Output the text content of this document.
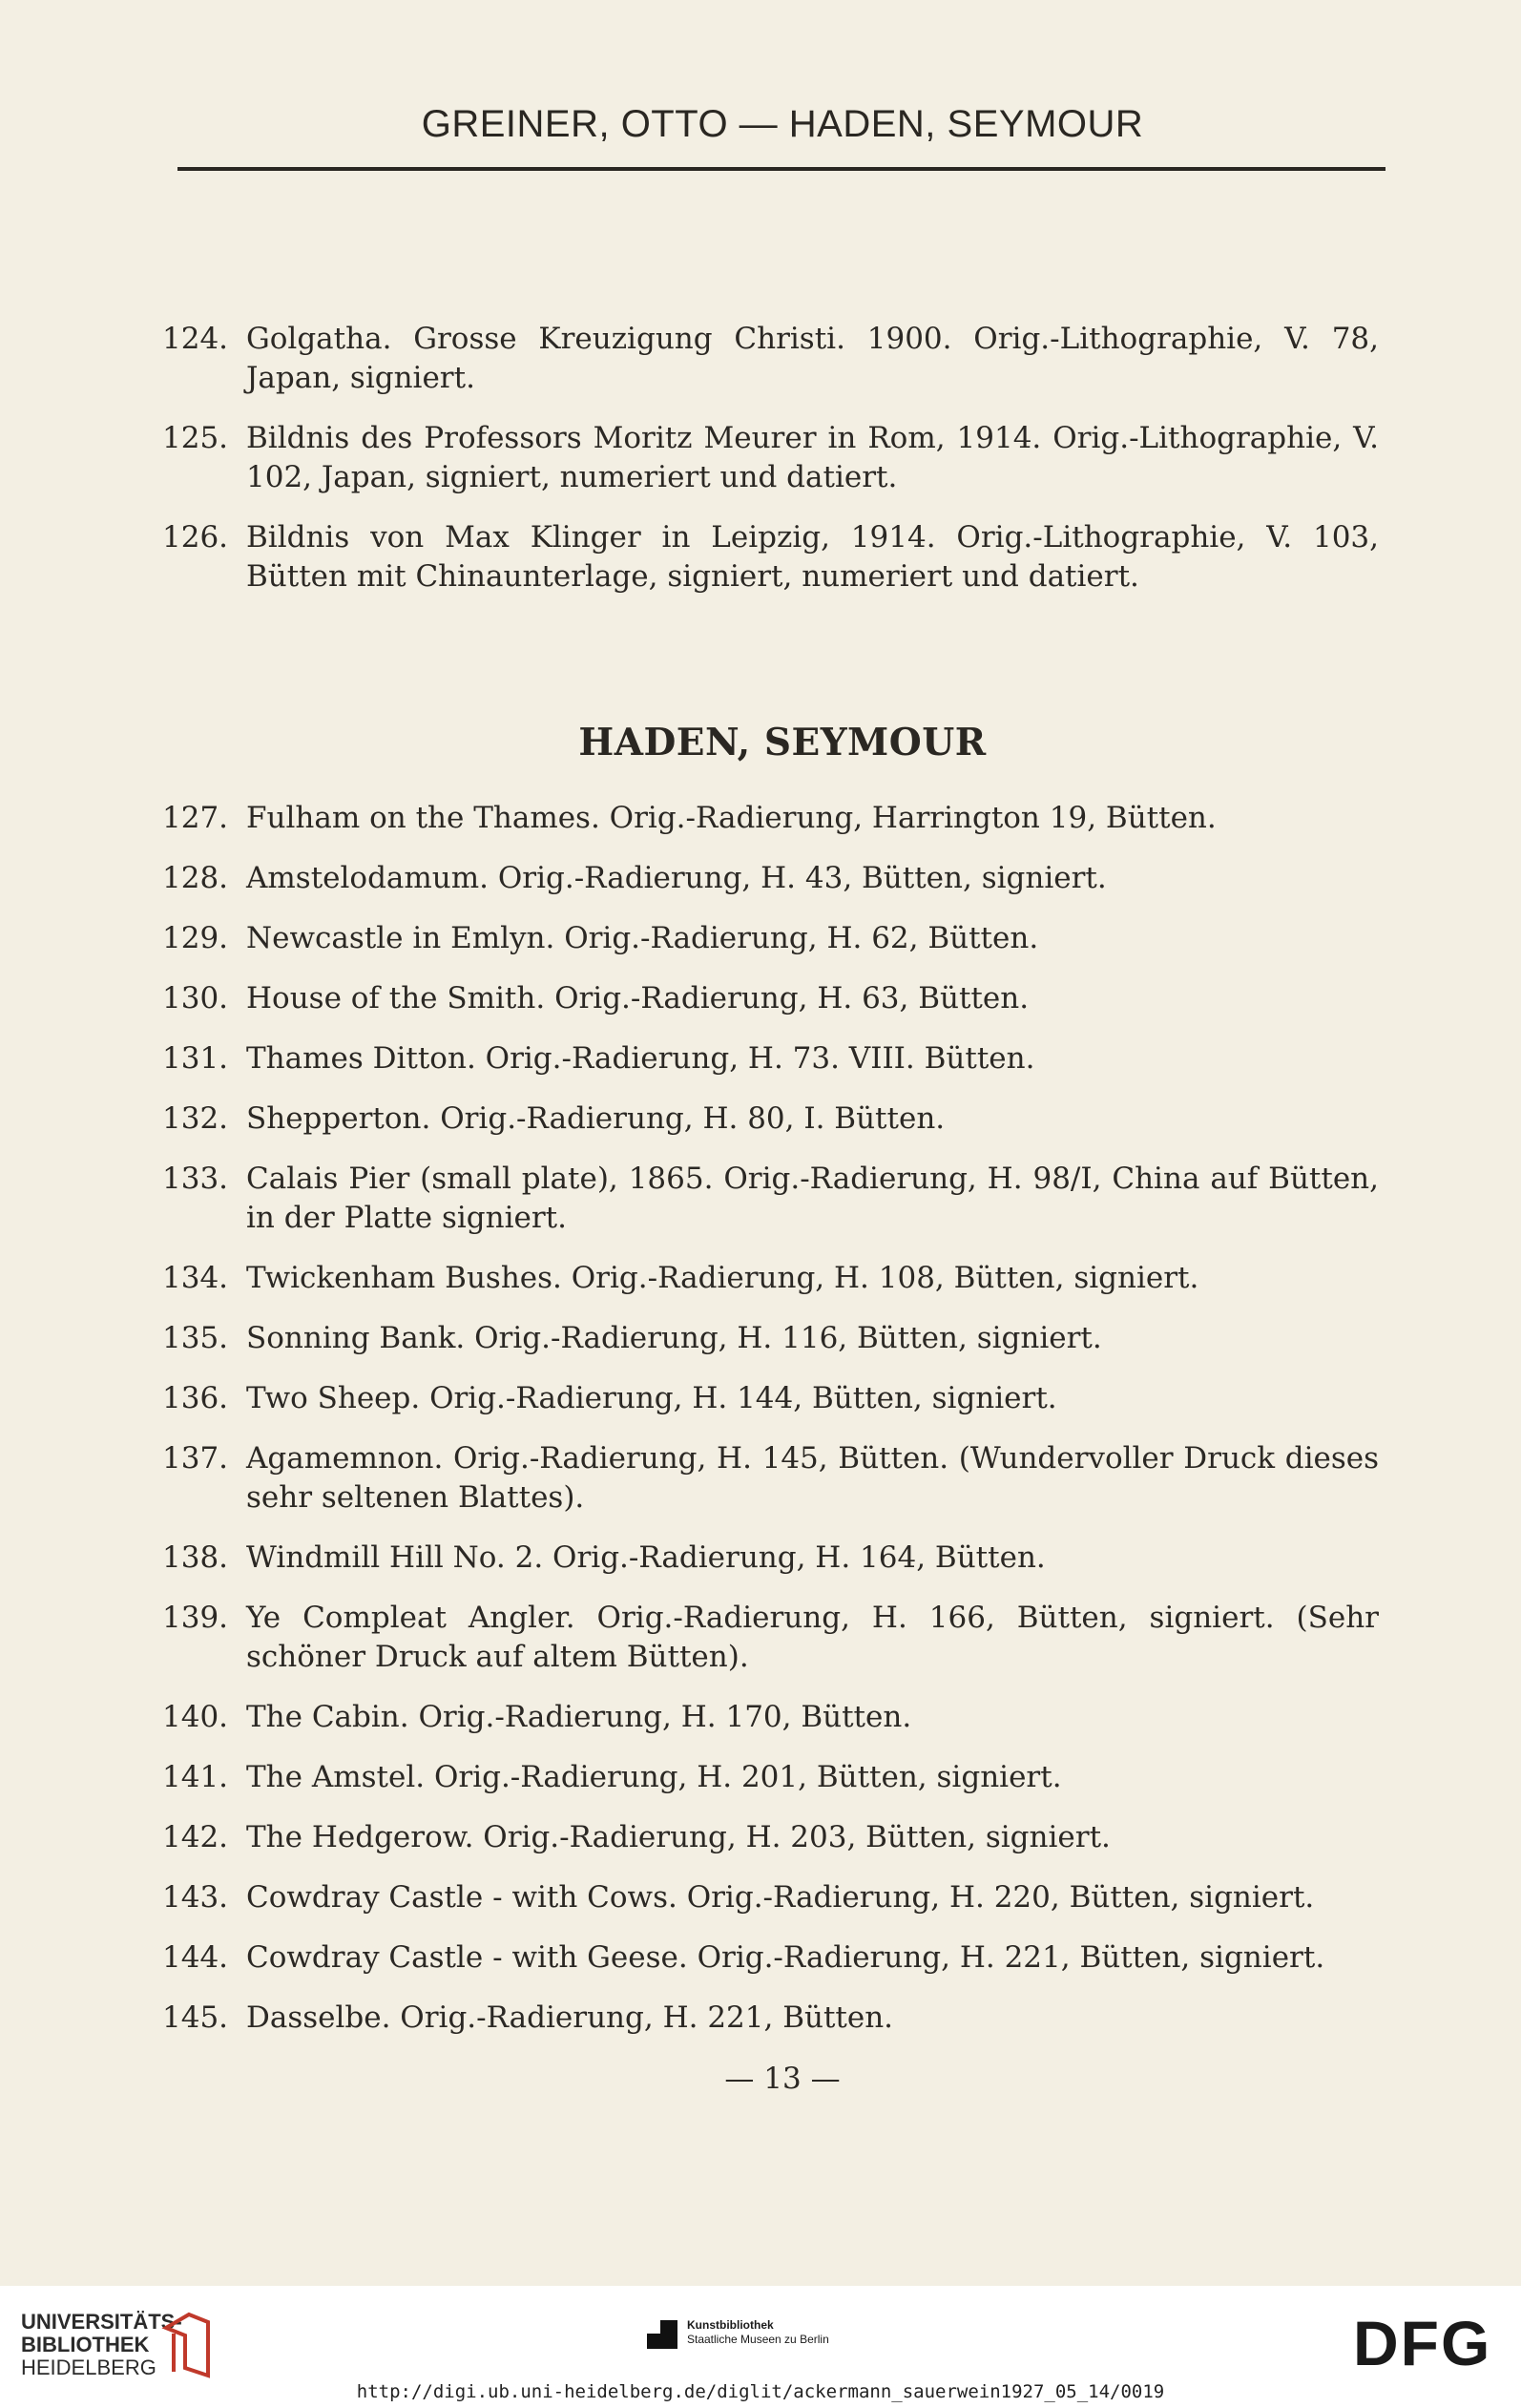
GREINER, OTTO — HADEN, SEYMOUR
124. Golgatha. Grosse Kreuzigung Christi. 1900. Orig.-Lithographie, V. 78, Japan, signiert.
125. Bildnis des Professors Moritz Meurer in Rom, 1914. Orig.-Lithographie, V. 102, Japan, signiert, numeriert und datiert.
126. Bildnis von Max Klinger in Leipzig, 1914. Orig.-Lithographie, V. 103, Bütten mit Chinaunterlage, signiert, numeriert und datiert.
HADEN, SEYMOUR
127. Fulham on the Thames. Orig.-Radierung, Harrington 19, Bütten.
128. Amstelodamum. Orig.-Radierung, H. 43, Bütten, signiert.
129. Newcastle in Emlyn. Orig.-Radierung, H. 62, Bütten.
130. House of the Smith. Orig.-Radierung, H. 63, Bütten.
131. Thames Ditton. Orig.-Radierung, H. 73. VIII. Bütten.
132. Shepperton. Orig.-Radierung, H. 80, I. Bütten.
133. Calais Pier (small plate), 1865. Orig.-Radierung, H. 98/I, China auf Bütten, in der Platte signiert.
134. Twickenham Bushes. Orig.-Radierung, H. 108, Bütten, signiert.
135. Sonning Bank. Orig.-Radierung, H. 116, Bütten, signiert.
136. Two Sheep. Orig.-Radierung, H. 144, Bütten, signiert.
137. Agamemnon. Orig.-Radierung, H. 145, Bütten. (Wundervoller Druck dieses sehr seltenen Blattes).
138. Windmill Hill No. 2. Orig.-Radierung, H. 164, Bütten.
139. Ye Compleat Angler. Orig.-Radierung, H. 166, Bütten, signiert. (Sehr schöner Druck auf altem Bütten).
140. The Cabin. Orig.-Radierung, H. 170, Bütten.
141. The Amstel. Orig.-Radierung, H. 201, Bütten, signiert.
142. The Hedgerow. Orig.-Radierung, H. 203, Bütten, signiert.
143. Cowdray Castle - with Cows. Orig.-Radierung, H. 220, Bütten, signiert.
144. Cowdray Castle - with Geese. Orig.-Radierung, H. 221, Bütten, signiert.
145. Dasselbe. Orig.-Radierung, H. 221, Bütten.
— 13 —
UNIVERSITÄTS-
BIBLIOTHEK
HEIDELBERG
Kunstbibliothek
Staatliche Museen zu Berlin	DFG
http://digi.ub.uni-heidelberg.de/diglit/ackermann_sauerwein1927_05_14/0019
